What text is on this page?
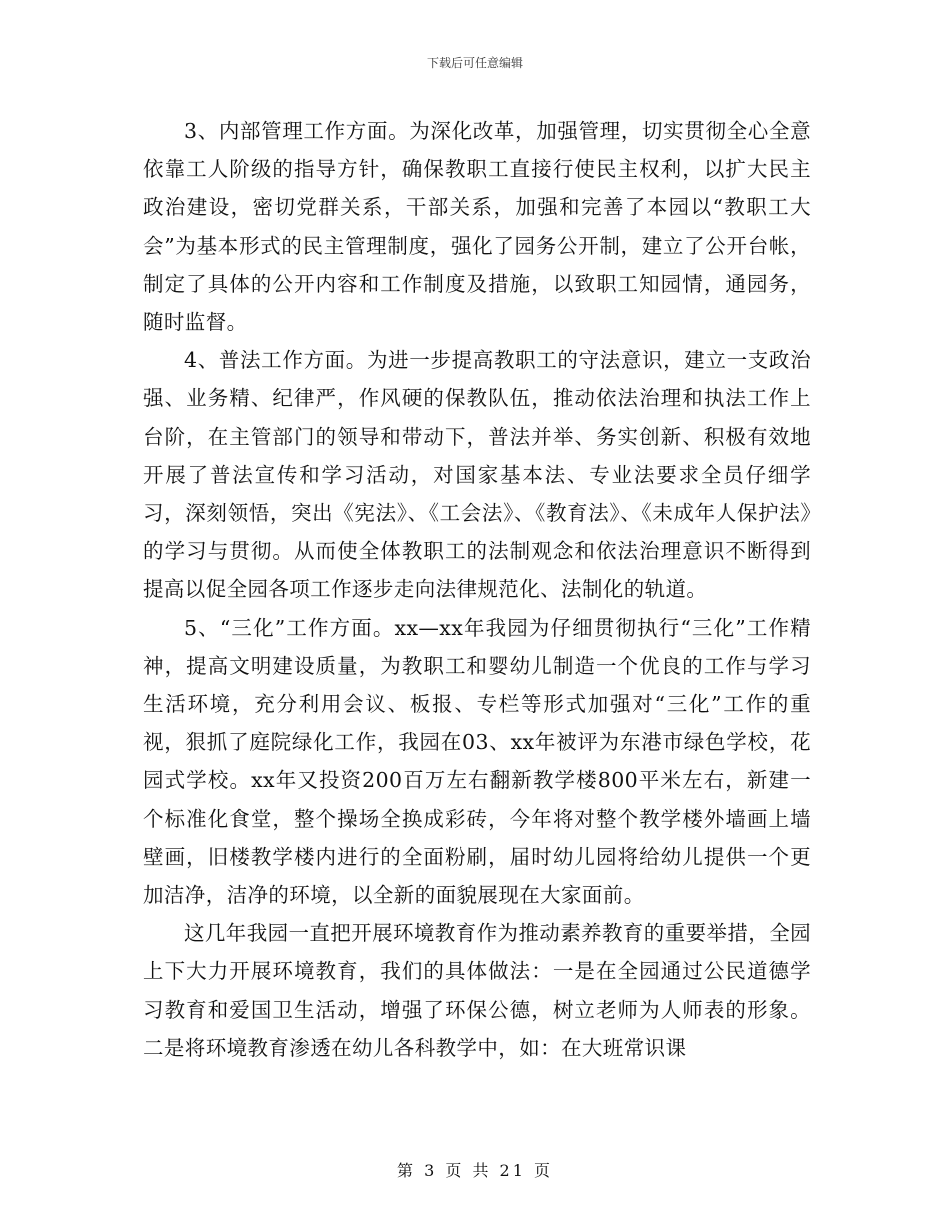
下载后可任意编辑

3、内部管理工作方面。为深化改革，加强管理，切实贯彻全心全意依靠工人阶级的指导方针，确保教职工直接行使民主权利，以扩大民主政治建设，密切党群关系，干部关系，加强和完善了本园以“教职工大会”为基本形式的民主管理制度，强化了园务公开制，建立了公开台帐，制定了具体的公开内容和工作制度及措施，以致职工知园情，通园务，随时监督。

4、普法工作方面。为进一步提高教职工的守法意识，建立一支政治强、业务精、纪律严，作风硬的保教队伍，推动依法治理和执法工作上台阶，在主管部门的领导和带动下，普法并举、务实创新、积极有效地开展了普法宣传和学习活动，对国家基本法、专业法要求全员仔细学习，深刻领悟，突出《宪法》、《工会法》、《教育法》、《未成年人保护法》的学习与贯彻。从而使全体教职工的法制观念和依法治理意识不断得到提高以促全园各项工作逐步走向法律规范化、法制化的轨道。

5、“三化”工作方面。xx—xx年我园为仔细贯彻执行“三化”工作精神，提高文明建设质量，为教职工和婴幼儿制造一个优良的工作与学习生活环境，充分利用会议、板报、专栏等形式加强对“三化”工作的重视，狠抓了庭院绿化工作，我园在03、xx年被评为东港市绿色学校，花园式学校。xx年又投资200百万左右翻新教学楼800平米左右，新建一个标准化食堂，整个操场全换成彩砖，今年将对整个教学楼外墙画上墙壁画，旧楼教学楼内进行的全面粉刷，届时幼儿园将给幼儿提供一个更加洁净，洁净的环境，以全新的面貌展现在大家面前。

这几年我园一直把开展环境教育作为推动素养教育的重要举措，全园上下大力开展环境教育，我们的具体做法：一是在全园通过公民道德学习教育和爱国卫生活动，增强了环保公德，树立老师为人师表的形象。二是将环境教育渗透在幼儿各科教学中，如：在大班常识课

第 3 页 共 21 页
